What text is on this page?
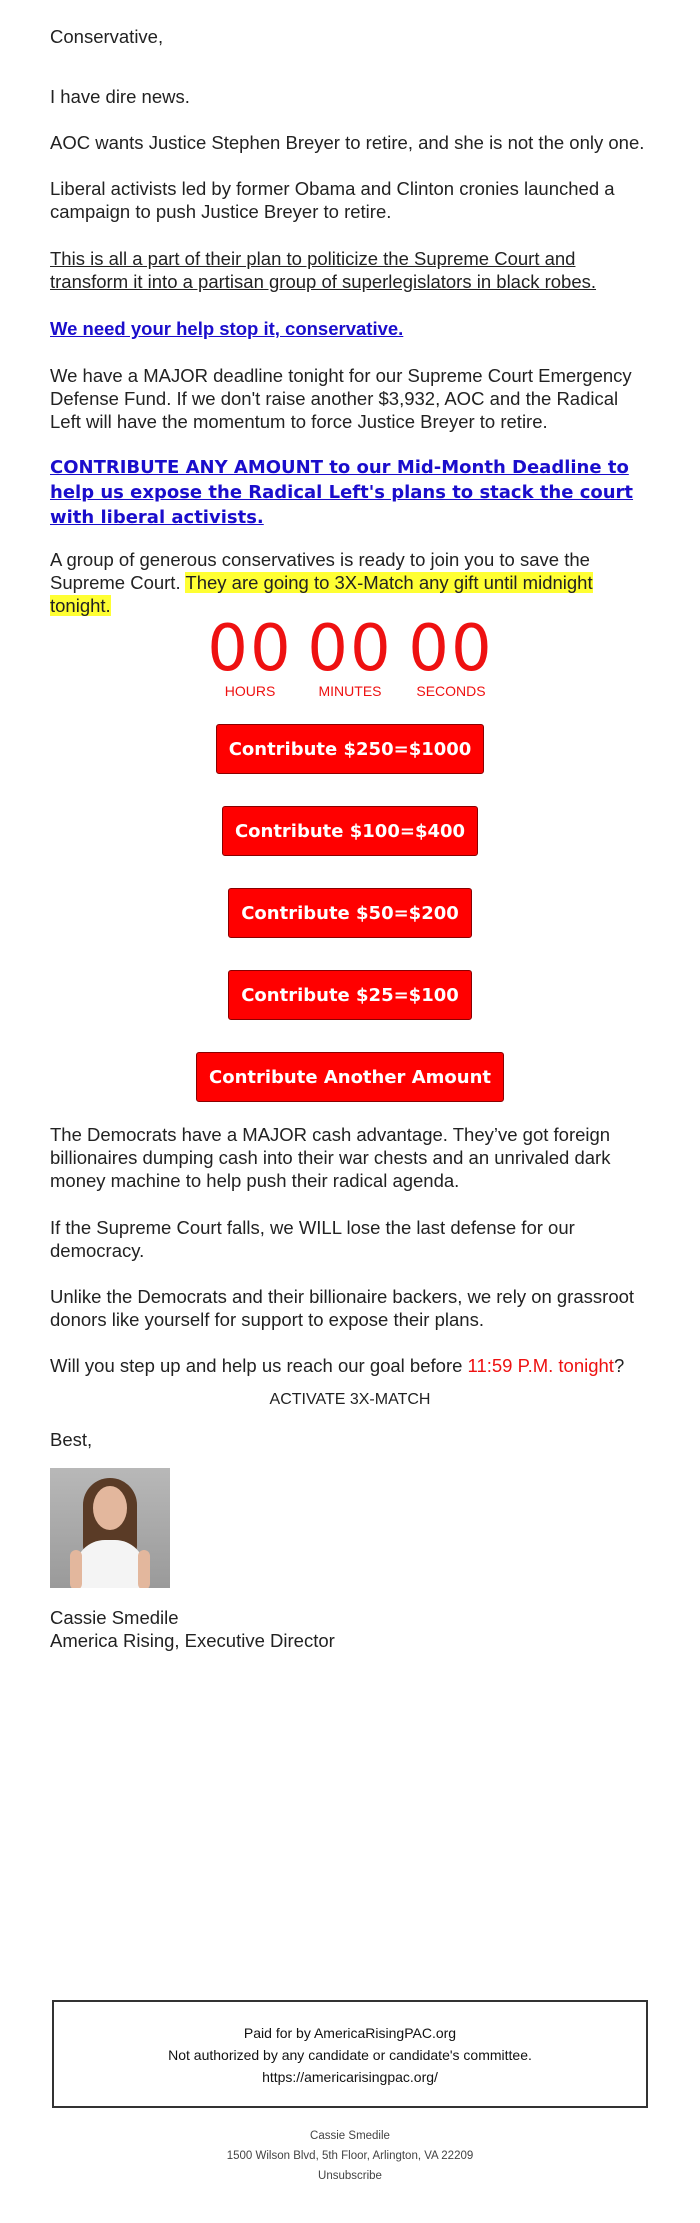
Conservative,

I have dire news.

AOC wants Justice Stephen Breyer to retire, and she is not the only one.

Liberal activists led by former Obama and Clinton cronies launched a campaign to push Justice Breyer to retire.

This is all a part of their plan to politicize the Supreme Court and transform it into a partisan group of superlegislators in black robes.

We need your help stop it, conservative.

We have a MAJOR deadline tonight for our Supreme Court Emergency Defense Fund. If we don't raise another $3,932, AOC and the Radical Left will have the momentum to force Justice Breyer to retire.

CONTRIBUTE ANY AMOUNT to our Mid-Month Deadline to help us expose the Radical Left's plans to stack the court with liberal activists.

A group of generous conservatives is ready to join you to save the Supreme Court. They are going to 3X-Match any gift until midnight tonight.

00
HOURS
00
MINUTES
00
SECONDS
Contribute $250=$1000
Contribute $100=$400
Contribute $50=$200
Contribute $25=$100
Contribute Another Amount

The Democrats have a MAJOR cash advantage. They’ve got foreign billionaires dumping cash into their war chests and an unrivaled dark money machine to help push their radical agenda.

If the Supreme Court falls, we WILL lose the last defense for our democracy.

Unlike the Democrats and their billionaire backers, we rely on grassroot donors like yourself for support to expose their plans.

Will you step up and help us reach our goal before 11:59 P.M. tonight?

Best,

Cassie Smedile

America Rising, Executive Director

ACTIVATE 3X-MATCH
Paid for by AmericaRisingPAC.org
Not authorized by any candidate or candidate's committee.
https://americarisingpac.org/
Cassie Smedile
1500 Wilson Blvd, 5th Floor, Arlington, VA 22209
Unsubscribe
